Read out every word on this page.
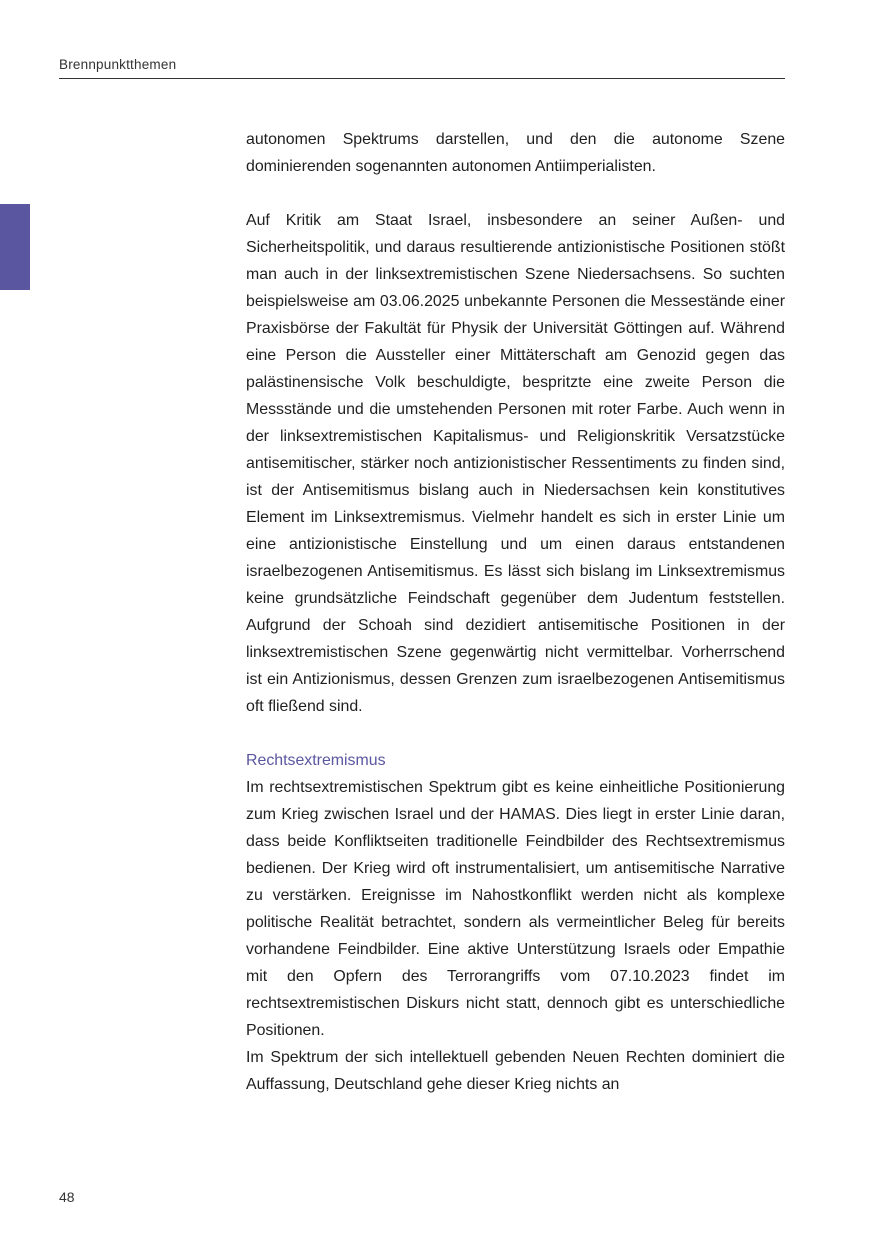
Brennpunktthemen

autonomen Spektrums darstellen, und den die autonome Szene dominierenden sogenannten autonomen Antiimperialisten.

Auf Kritik am Staat Israel, insbesondere an seiner Außen- und Sicherheitspolitik, und daraus resultierende antizionistische Positionen stößt man auch in der linksextremistischen Szene Niedersachsens. So suchten beispielsweise am 03.06.2025 unbekannte Personen die Messestände einer Praxisbörse der Fakultät für Physik der Universität Göttingen auf. Während eine Person die Aussteller einer Mittäterschaft am Genozid gegen das palästinensische Volk beschuldigte, bespritzte eine zweite Person die Messstände und die umstehenden Personen mit roter Farbe. Auch wenn in der linksextremistischen Kapitalismus- und Religionskritik Versatzstücke antisemitischer, stärker noch antizionistischer Ressentiments zu finden sind, ist der Antisemitismus bislang auch in Niedersachsen kein konstitutives Element im Linksextremismus. Vielmehr handelt es sich in erster Linie um eine antizionistische Einstellung und um einen daraus entstandenen israelbezogenen Antisemitismus. Es lässt sich bislang im Linksextremismus keine grundsätzliche Feindschaft gegenüber dem Judentum feststellen. Aufgrund der Schoah sind dezidiert antisemitische Positionen in der linksextremistischen Szene gegenwärtig nicht vermittelbar. Vorherrschend ist ein Antizionismus, dessen Grenzen zum israelbezogenen Antisemitismus oft fließend sind.

Rechtsextremismus

Im rechtsextremistischen Spektrum gibt es keine einheitliche Positionierung zum Krieg zwischen Israel und der HAMAS. Dies liegt in erster Linie daran, dass beide Konfliktseiten traditionelle Feindbilder des Rechtsextremismus bedienen. Der Krieg wird oft instrumentalisiert, um antisemitische Narrative zu verstärken. Ereignisse im Nahostkonflikt werden nicht als komplexe politische Realität betrachtet, sondern als vermeintlicher Beleg für bereits vorhandene Feindbilder. Eine aktive Unterstützung Israels oder Empathie mit den Opfern des Terrorangriffs vom 07.10.2023 findet im rechtsextremistischen Diskurs nicht statt, dennoch gibt es unterschiedliche Positionen.

Im Spektrum der sich intellektuell gebenden Neuen Rechten dominiert die Auffassung, Deutschland gehe dieser Krieg nichts an

48
